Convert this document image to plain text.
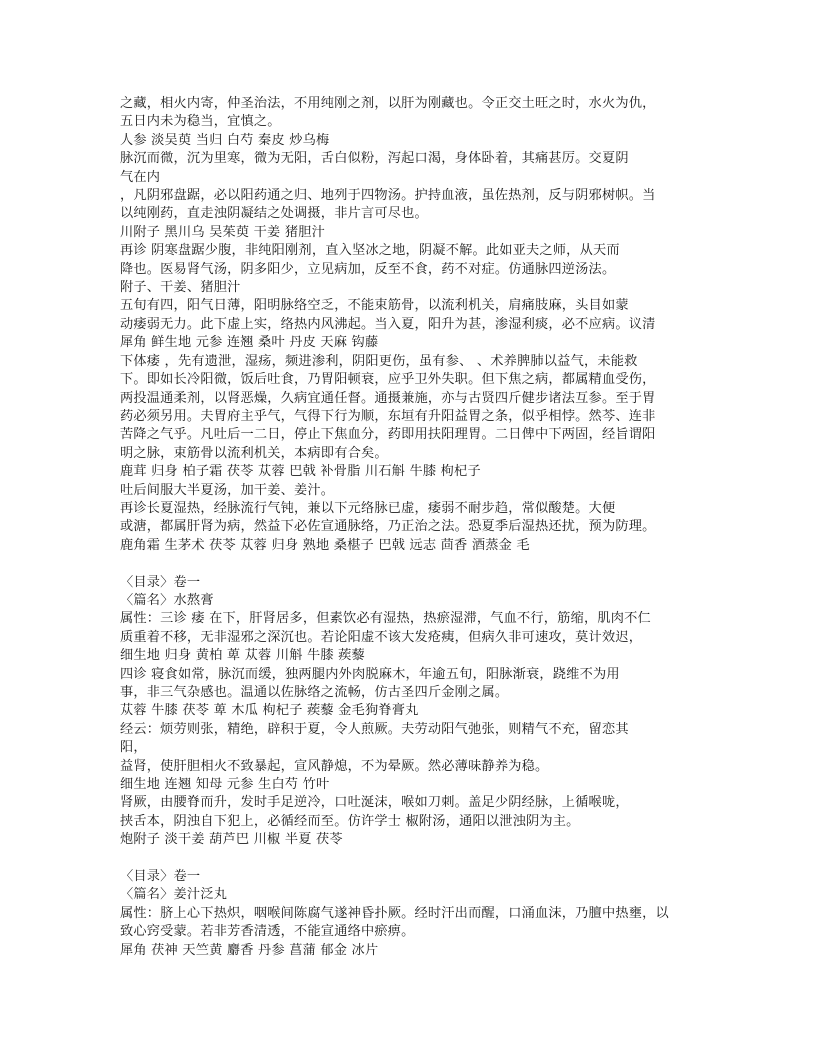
之藏，相火内寄，仲圣治法，不用纯刚之剂，以肝为刚藏也。令正交土旺之时，水火为仇，
五日内未为稳当，宜慎之。
人参 淡吴萸 当归 白芍 秦皮 炒乌梅
脉沉而微，沉为里寒，微为无阳，舌白似粉，泻起口渴，身体卧着，其痛甚厉。交夏阴
气在内
，凡阴邪盘踞，必以阳药通之归、地列于四物汤。护持血液，虽佐热剂，反与阴邪树帜。当
以纯刚药，直走浊阴凝结之处调摄，非片言可尽也。
川附子 黑川乌 吴茱萸 干姜 猪胆汁
再诊 阴寒盘踞少腹，非纯阳刚剂，直入坚冰之地，阴凝不解。此如亚夫之师，从天而
降也。医易肾气汤，阴多阳少，立见病加，反至不食，药不对症。仿通脉四逆汤法。
附子、干姜、猪胆汁
五旬有四，阳气日薄，阳明脉络空乏，不能束筋骨，以流利机关，肩痛肢麻，头目如蒙
动痿弱无力。此下虚上实，络热内风沸起。当入夏，阳升为甚，渗湿利痰，必不应病。议清
犀角 鲜生地 元参 连翘 桑叶 丹皮 天麻 钩藤
下体痿 ，先有遗泄，湿疡，频进渗利，阴阳更伤，虽有参、 、术养脾肺以益气，未能救
下。即如长冷阳微，饭后吐食，乃胃阳顿衰，应乎卫外失职。但下焦之病，都属精血受伤，
两投温通柔剂，以肾恶燥，久病宜通任督。通摄兼施，亦与古贤四斤健步诸法互参。至于胃
药必须另用。夫胃府主乎气，气得下行为顺，东垣有升阳益胃之条，似乎相悖。然芩、连非
苦降之气乎。凡吐后一二日，停止下焦血分，药即用扶阳理胃。二日俾中下两固，经旨谓阳
明之脉，束筋骨以流利机关，本病即有合矣。
鹿茸 归身 柏子霜 茯苓 苁蓉 巴戟 补骨脂 川石斛 牛膝 枸杞子
吐后间服大半夏汤，加干姜、姜汁。
再诊长夏湿热，经脉流行气钝，兼以下元络脉已虚，痿弱不耐步趋，常似酸楚。大便
或溏，都属肝肾为病，然益下必佐宣通脉络，乃正治之法。恐夏季后湿热还扰，预为防理。
鹿角霜 生茅术 茯苓 苁蓉 归身 熟地 桑椹子 巴戟 远志 茴香 酒蒸金 毛
〈目录〉卷一
〈篇名〉水熬膏
属性：三诊 痿 在下，肝肾居多，但素饮必有湿热，热瘀湿滞，气血不行，筋缩，肌肉不仁
质重着不移，无非湿邪之深沉也。若论阳虚不该大发疮痍，但病久非可速攻，莫计效迟，
细生地 归身 黄柏 萆 苁蓉 川斛 牛膝 蒺藜
四诊 寝食如常，脉沉而缓，独两腿内外肉脱麻木，年逾五旬，阳脉渐衰，跷维不为用
事，非三气杂感也。温通以佐脉络之流畅，仿古圣四斤金刚之属。
苁蓉 牛膝 茯苓 萆 木瓜 枸杞子 蒺藜 金毛狗脊膏丸
经云：烦劳则张，精绝，辟积于夏，令人煎厥。夫劳动阳气弛张，则精气不充，留恋其
阳，
益肾，使肝胆相火不致暴起，宣风静熄，不为晕厥。然必薄味静养为稳。
细生地 连翘 知母 元参 生白芍 竹叶
肾厥，由腰脊而升，发时手足逆冷，口吐涎沫，喉如刀刺。盖足少阴经脉，上循喉咙，
挟舌本，阴浊自下犯上，必循经而至。仿许学士 椒附汤，通阳以泄浊阴为主。
炮附子 淡干姜 葫芦巴 川椒 半夏 茯苓
〈目录〉卷一
〈篇名〉姜汁泛丸
属性：脐上心下热炽，咽喉间陈腐气遂神昏扑厥。经时汗出而醒，口涌血沫，乃膻中热壅，以
致心窍受蒙。若非芳香清透，不能宣通络中瘀痹。
犀角 茯神 天竺黄 麝香 丹参 菖蒲 郁金 冰片
